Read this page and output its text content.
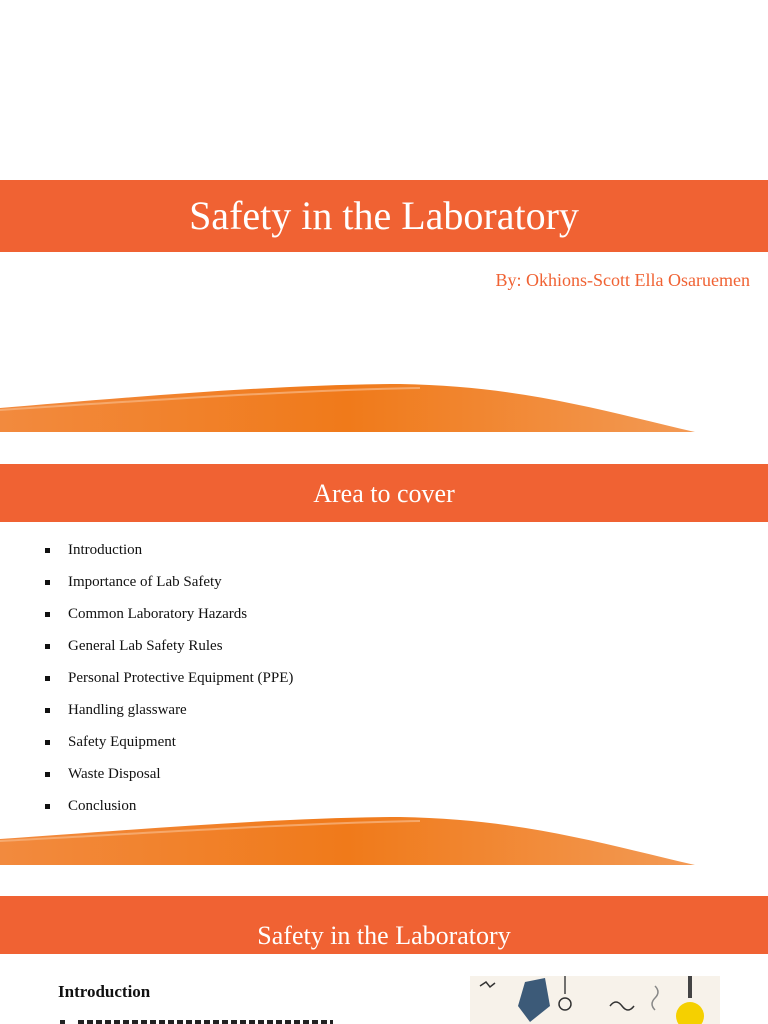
Safety in the Laboratory
By: Okhions-Scott Ella Osaruemen
Area to cover
Introduction
Importance of Lab Safety
Common Laboratory Hazards
General Lab Safety Rules
Personal Protective Equipment (PPE)
Handling glassware
Safety Equipment
Waste Disposal
Conclusion
Safety in the Laboratory
Introduction
